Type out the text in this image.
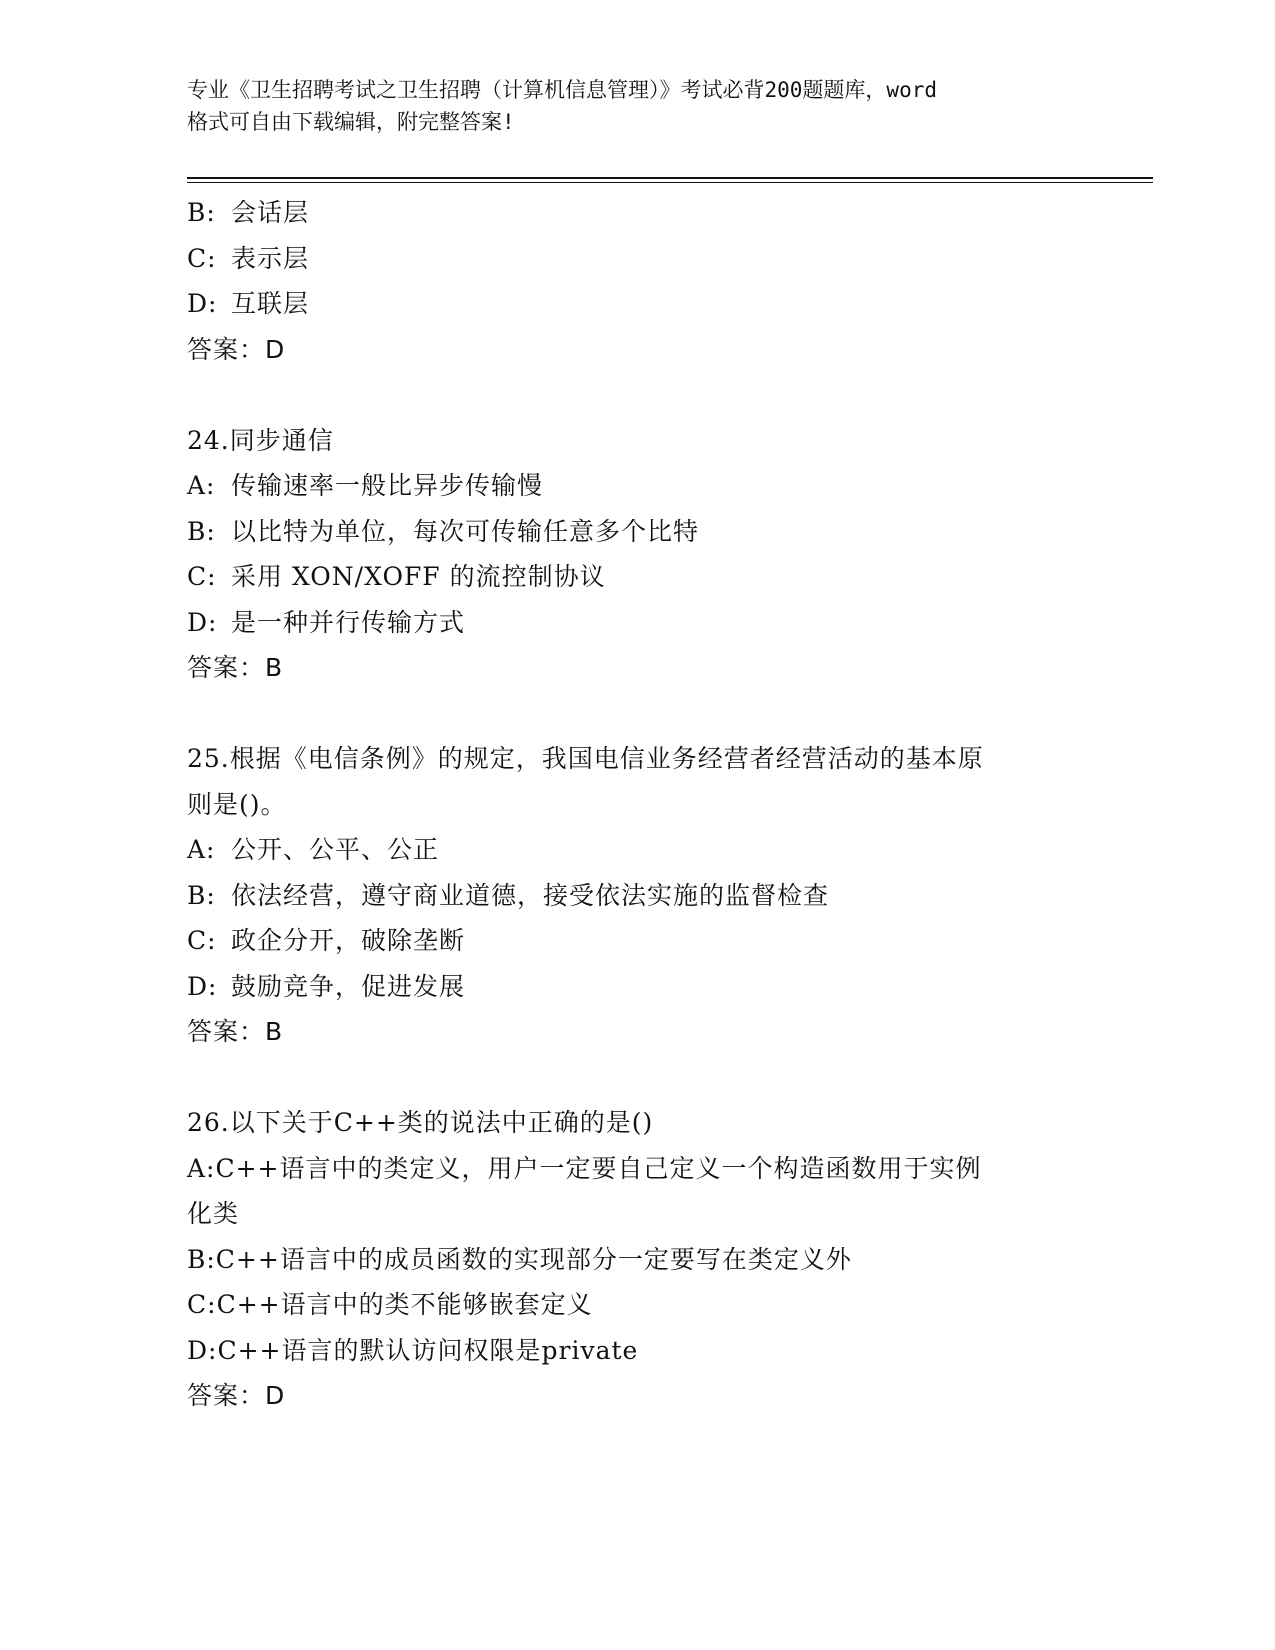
专业《卫生招聘考试之卫生招聘（计算机信息管理）》考试必背200题题库，word
格式可自由下载编辑，附完整答案!
B: 会话层
C: 表示层
D: 互联层
答案：D
24.同步通信
A: 传输速率一般比异步传输慢
B: 以比特为单位，每次可传输任意多个比特
C: 采用 XON/XOFF 的流控制协议
D: 是一种并行传输方式
答案：B
25.根据《电信条例》的规定，我国电信业务经营者经营活动的基本原
则是()。
A: 公开、公平、公正
B: 依法经营，遵守商业道德，接受依法实施的监督检查
C: 政企分开，破除垄断
D: 鼓励竞争，促进发展
答案：B
26.以下关于C++类的说法中正确的是()
A:C++语言中的类定义，用户一定要自己定义一个构造函数用于实例
化类
B:C++语言中的成员函数的实现部分一定要写在类定义外
C:C++语言中的类不能够嵌套定义
D:C++语言的默认访问权限是private
答案：D
